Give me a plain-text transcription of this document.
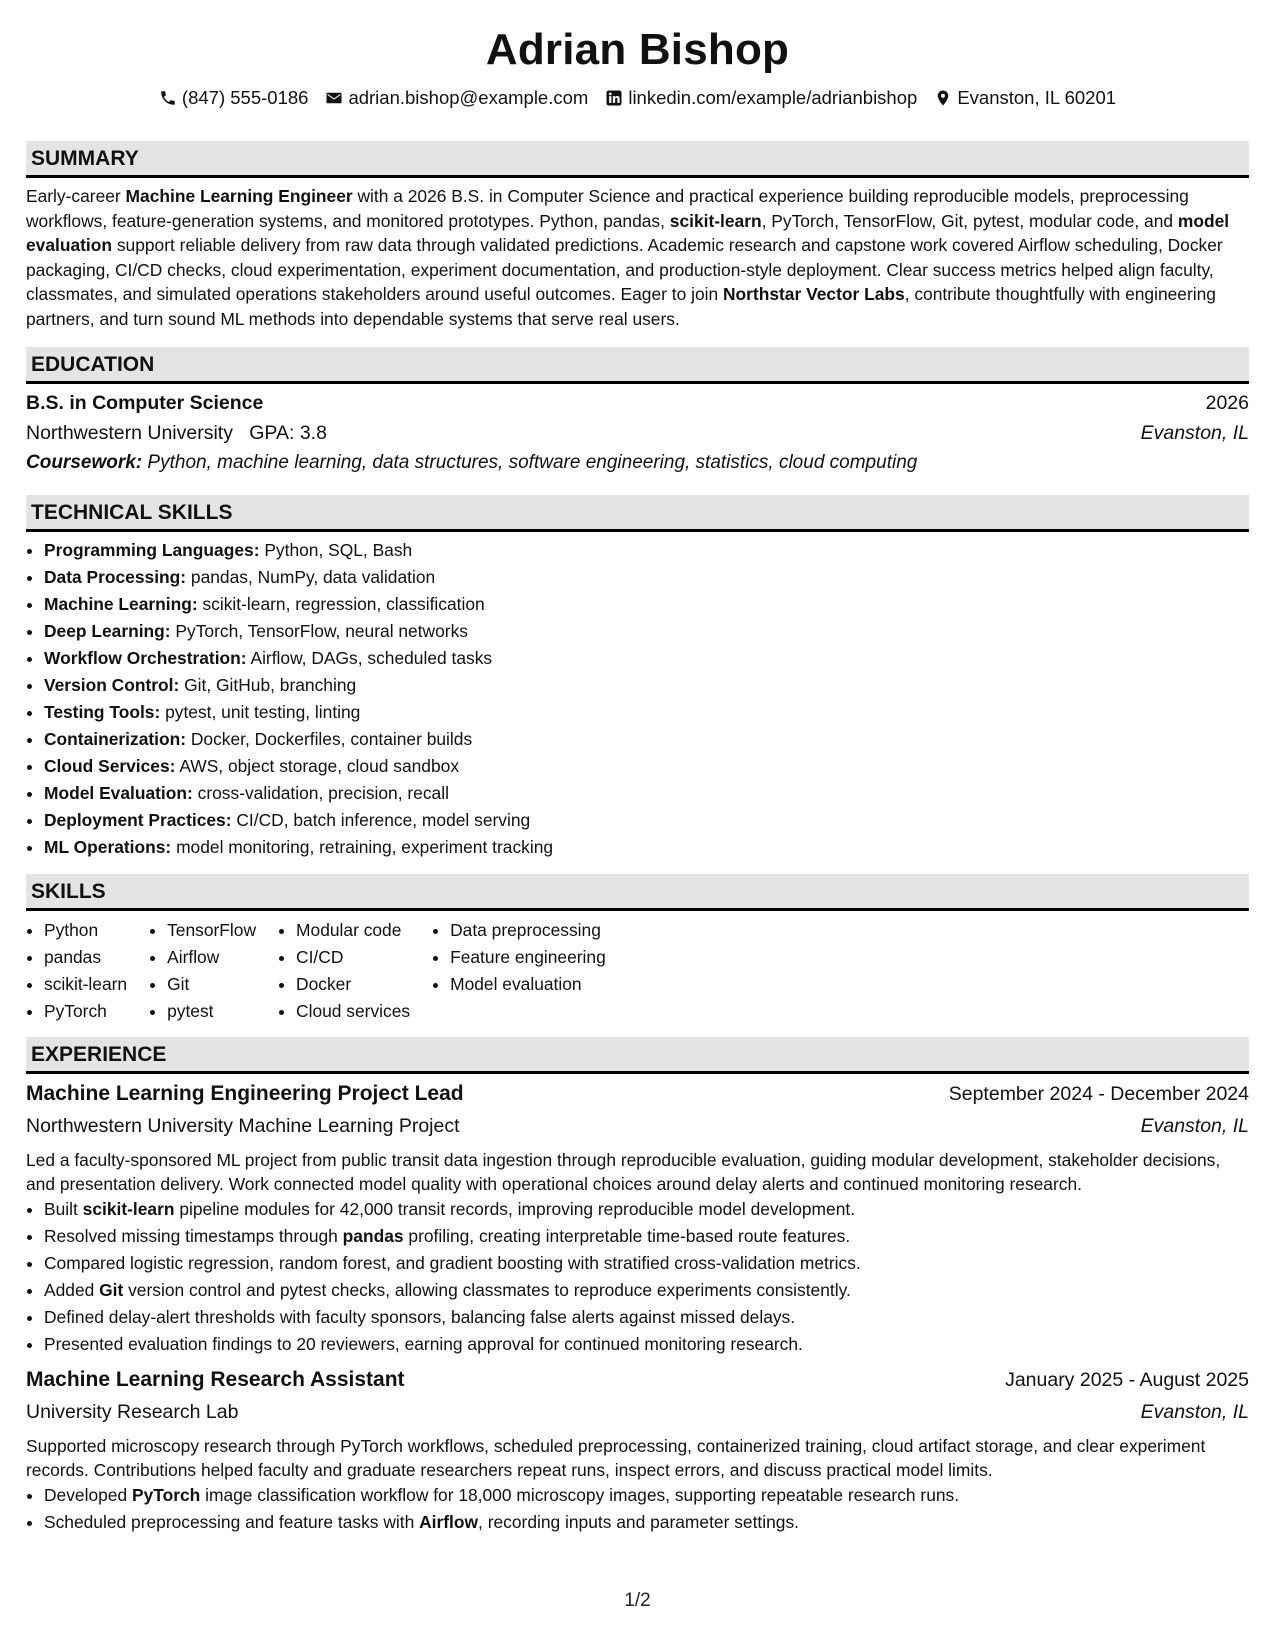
Adrian Bishop
(847) 555-0186 adrian.bishop@example.com linkedin.com/example/adrianbishop Evanston, IL 60201
SUMMARY

Early-career Machine Learning Engineer with a 2026 B.S. in Computer Science and practical experience building reproducible models, preprocessing workflows, feature-generation systems, and monitored prototypes. Python, pandas, scikit-learn, PyTorch, TensorFlow, Git, pytest, modular code, and model evaluation support reliable delivery from raw data through validated predictions. Academic research and capstone work covered Airflow scheduling, Docker packaging, CI/CD checks, cloud experimentation, experiment documentation, and production-style deployment. Clear success metrics helped align faculty, classmates, and simulated operations stakeholders around useful outcomes. Eager to join Northstar Vector Labs, contribute thoughtfully with engineering partners, and turn sound ML methods into dependable systems that serve real users.

EDUCATION
B.S. in Computer Science	2026
Northwestern University GPA: 3.8	Evanston, IL
Coursework: Python, machine learning, data structures, software engineering, statistics, cloud computing
TECHNICAL SKILLS
• Programming Languages: Python, SQL, Bash
• Data Processing: pandas, NumPy, data validation
• Machine Learning: scikit-learn, regression, classification
• Deep Learning: PyTorch, TensorFlow, neural networks
• Workflow Orchestration: Airflow, DAGs, scheduled tasks
• Version Control: Git, GitHub, branching
• Testing Tools: pytest, unit testing, linting
• Containerization: Docker, Dockerfiles, container builds
• Cloud Services: AWS, object storage, cloud sandbox
• Model Evaluation: cross-validation, precision, recall
• Deployment Practices: CI/CD, batch inference, model serving
• ML Operations: model monitoring, retraining, experiment tracking
SKILLS
• Python
• pandas
• scikit-learn
• PyTorch
• TensorFlow
• Airflow
• Git
• pytest
• Modular code
• CI/CD
• Docker
• Cloud services
• Data preprocessing
• Feature engineering
• Model evaluation
EXPERIENCE
Machine Learning Engineering Project Lead	September 2024 - December 2024
Northwestern University Machine Learning Project	Evanston, IL

Led a faculty-sponsored ML project from public transit data ingestion through reproducible evaluation, guiding modular development, stakeholder decisions, and presentation delivery. Work connected model quality with operational choices around delay alerts and continued monitoring research.

• Built scikit-learn pipeline modules for 42,000 transit records, improving reproducible model development.
• Resolved missing timestamps through pandas profiling, creating interpretable time-based route features.
• Compared logistic regression, random forest, and gradient boosting with stratified cross-validation metrics.
• Added Git version control and pytest checks, allowing classmates to reproduce experiments consistently.
• Defined delay-alert thresholds with faculty sponsors, balancing false alerts against missed delays.
• Presented evaluation findings to 20 reviewers, earning approval for continued monitoring research.
Machine Learning Research Assistant	January 2025 - August 2025
University Research Lab	Evanston, IL

Supported microscopy research through PyTorch workflows, scheduled preprocessing, containerized training, cloud artifact storage, and clear experiment records. Contributions helped faculty and graduate researchers repeat runs, inspect errors, and discuss practical model limits.

• Developed PyTorch image classification workflow for 18,000 microscopy images, supporting repeatable research runs.
• Scheduled preprocessing and feature tasks with Airflow, recording inputs and parameter settings.
1/2
